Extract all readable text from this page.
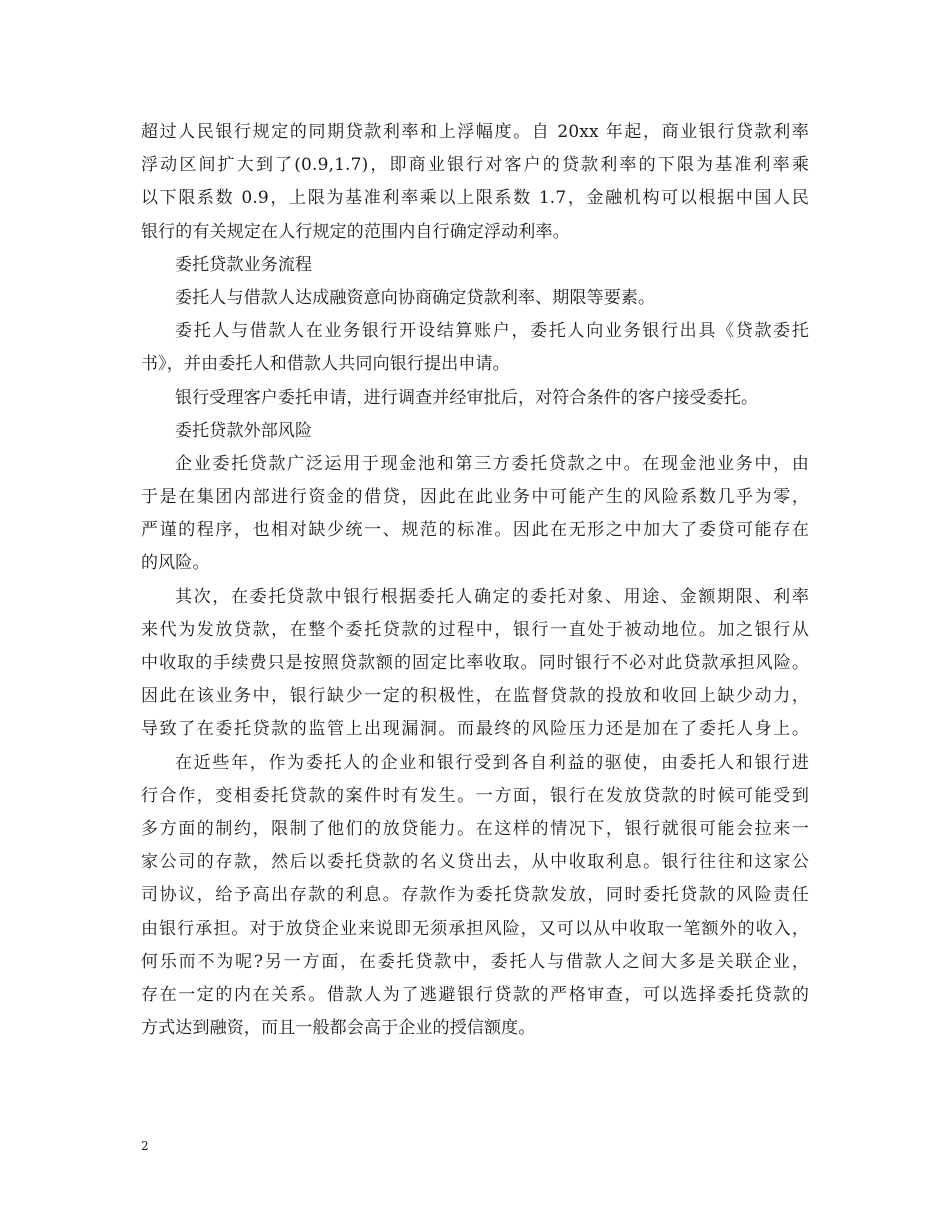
超过人民银行规定的同期贷款利率和上浮幅度。自 20xx 年起，商业银行贷款利率
浮动区间扩大到了(0.9,1.7)，即商业银行对客户的贷款利率的下限为基准利率乘
以下限系数 0.9，上限为基准利率乘以上限系数 1.7，金融机构可以根据中国人民
银行的有关规定在人行规定的范围内自行确定浮动利率。
委托贷款业务流程
委托人与借款人达成融资意向协商确定贷款利率、期限等要素。
委托人与借款人在业务银行开设结算账户，委托人向业务银行出具《贷款委托
书》，并由委托人和借款人共同向银行提出申请。
银行受理客户委托申请，进行调查并经审批后，对符合条件的客户接受委托。
委托贷款外部风险
企业委托贷款广泛运用于现金池和第三方委托贷款之中。在现金池业务中，由
于是在集团内部进行资金的借贷，因此在此业务中可能产生的风险系数几乎为零，
严谨的程序，也相对缺少统一、规范的标准。因此在无形之中加大了委贷可能存在
的风险。
其次，在委托贷款中银行根据委托人确定的委托对象、用途、金额期限、利率
来代为发放贷款，在整个委托贷款的过程中，银行一直处于被动地位。加之银行从
中收取的手续费只是按照贷款额的固定比率收取。同时银行不必对此贷款承担风险。
因此在该业务中，银行缺少一定的积极性，在监督贷款的投放和收回上缺少动力，
导致了在委托贷款的监管上出现漏洞。而最终的风险压力还是加在了委托人身上。
在近些年，作为委托人的企业和银行受到各自利益的驱使，由委托人和银行进
行合作，变相委托贷款的案件时有发生。一方面，银行在发放贷款的时候可能受到
多方面的制约，限制了他们的放贷能力。在这样的情况下，银行就很可能会拉来一
家公司的存款，然后以委托贷款的名义贷出去，从中收取利息。银行往往和这家公
司协议，给予高出存款的利息。存款作为委托贷款发放，同时委托贷款的风险责任
由银行承担。对于放贷企业来说即无须承担风险，又可以从中收取一笔额外的收入，
何乐而不为呢?另一方面，在委托贷款中，委托人与借款人之间大多是关联企业，
存在一定的内在关系。借款人为了逃避银行贷款的严格审查，可以选择委托贷款的
方式达到融资，而且一般都会高于企业的授信额度。
2
